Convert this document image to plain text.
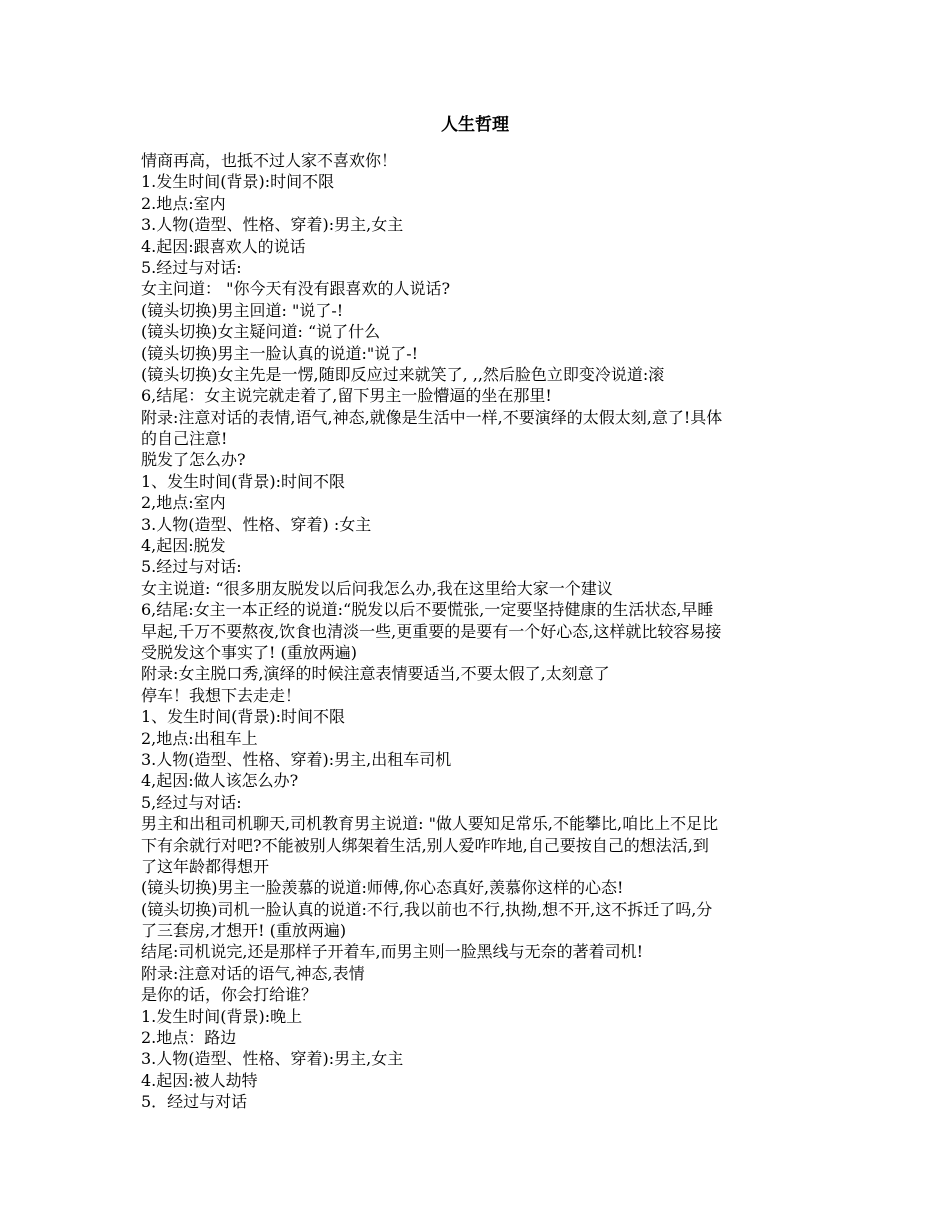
人生哲理
情商再高，也抵不过人家不喜欢你！
1.发生时间(背景):时间不限
2.地点:室内
3.人物(造型、性格、穿着):男主,女主
4.起因:跟喜欢人的说话
5.经过与对话:
女主问道： "你今天有没有跟喜欢的人说话?
(镜头切换)男主回道: "说了-!
(镜头切换)女主疑问道: “说了什么
(镜头切换)男主一脸认真的说道:"说了-!
(镜头切换)女主先是一愣,随即反应过来就笑了, ,,然后脸色立即变冷说道:滚
6,结尾：女主说完就走着了,留下男主一脸懵逼的坐在那里!
附录:注意对话的表情,语气,神态,就像是生活中一样,不要演绎的太假太刻,意了!具体
的自己注意!
脱发了怎么办?
1、发生时间(背景):时间不限
2,地点:室内
3.人物(造型、性格、穿着) :女主
4,起因:脱发
5.经过与对话:
女主说道: “很多朋友脱发以后问我怎么办,我在这里给大家一个建议
6,结尾:女主一本正经的说道:“脱发以后不要慌张,一定要坚持健康的生活状态,早睡
早起,千万不要熬夜,饮食也清淡一些,更重要的是要有一个好心态,这样就比较容易接
受脱发这个事实了! (重放两遍)
附录:女主脱口秀,演绎的时候注意表情要适当,不要太假了,太刻意了
停车！我想下去走走！
1、发生时间(背景):时间不限
2,地点:出租车上
3.人物(造型、性格、穿着):男主,出租车司机
4,起因:做人该怎么办?
5,经过与对话:
男主和出租司机聊天,司机教育男主说道: "做人要知足常乐,不能攀比,咱比上不足比
下有余就行对吧?不能被别人绑架着生活,别人爱咋咋地,自己要按自己的想法活,到
了这年龄都得想开
(镜头切换)男主一脸羡慕的说道:师傅,你心态真好,羡慕你这样的心态!
(镜头切换)司机一脸认真的说道:不行,我以前也不行,执拗,想不开,这不拆迁了吗,分
了三套房,才想开! (重放两遍)
结尾:司机说完,还是那样子开着车,而男主则一脸黑线与无奈的著着司机!
附录:注意对话的语气,神态,表情
是你的话，你会打给谁？
1.发生时间(背景):晚上
2.地点：路边
3.人物(造型、性格、穿着):男主,女主
4.起因:被人劫特
5．经过与对话
